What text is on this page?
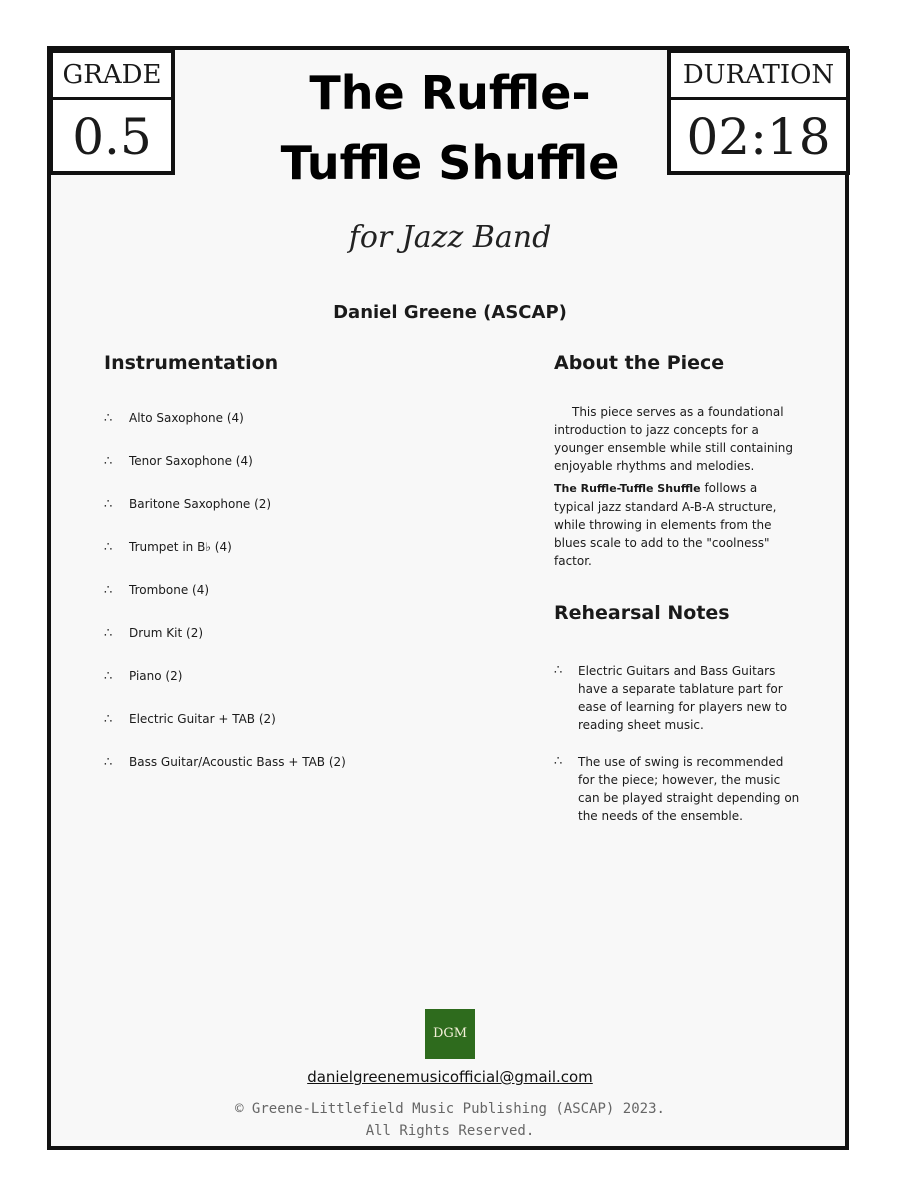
GRADE
0.5
DURATION
02:18
The Ruffle-
Tuffle Shuffle
for Jazz Band
Daniel Greene (ASCAP)
Instrumentation
∴	Alto Saxophone (4)
∴	Tenor Saxophone (4)
∴	Baritone Saxophone (2)
∴	Trumpet in B♭ (4)
∴	Trombone (4)
∴	Drum Kit (2)
∴	Piano (2)
∴	Electric Guitar + TAB (2)
∴	Bass Guitar/Acoustic Bass + TAB (2)
About the Piece

This piece serves as a foundational introduction to jazz concepts for a younger ensemble while still containing enjoyable rhythms and melodies.

The Ruffle-Tuffle Shuffle follows a typical jazz standard A-B-A structure, while throwing in elements from the blues scale to add to the "coolness" factor.

Rehearsal Notes
∴	Electric Guitars and Bass Guitars have a separate tablature part for ease of learning for players new to reading sheet music.
∴	The use of swing is recommended for the piece; however, the music can be played straight depending on the needs of the ensemble.
DGM
danielgreenemusicofficial@gmail.com
© Greene-Littlefield Music Publishing (ASCAP) 2023.
All Rights Reserved.
